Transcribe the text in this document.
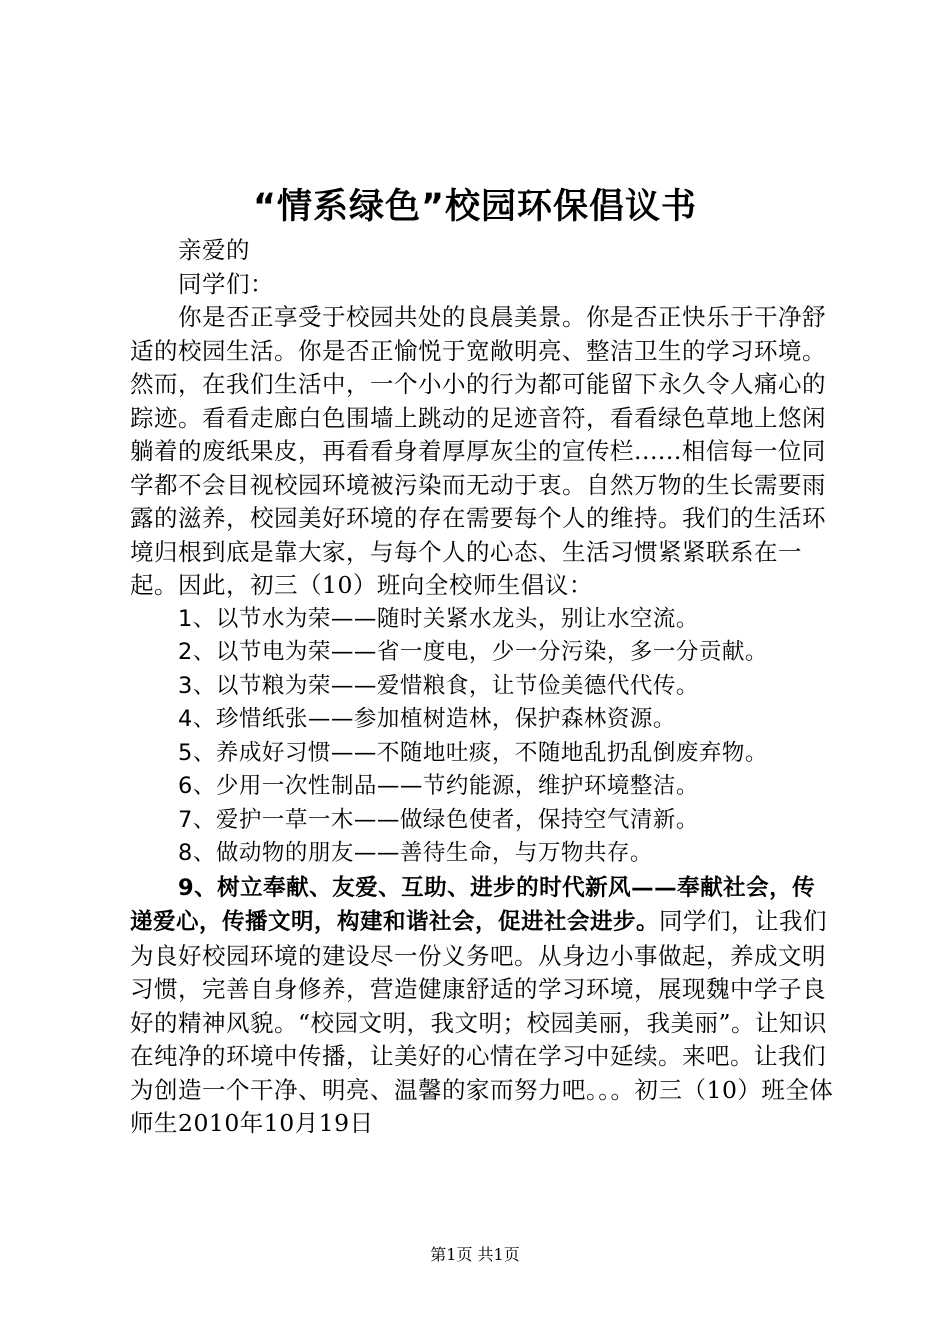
“情系绿色”校园环保倡议书

亲爱的

同学们：

你是否正享受于校园共处的良晨美景。你是否正快乐于干净舒适的校园生活。你是否正愉悦于宽敞明亮、整洁卫生的学习环境。然而，在我们生活中，一个小小的行为都可能留下永久令人痛心的踪迹。看看走廊白色围墙上跳动的足迹音符，看看绿色草地上悠闲躺着的废纸果皮，再看看身着厚厚灰尘的宣传栏......相信每一位同学都不会目视校园环境被污染而无动于衷。自然万物的生长需要雨露的滋养，校园美好环境的存在需要每个人的维持。我们的生活环境归根到底是靠大家，与每个人的心态、生活习惯紧紧联系在一起。因此，初三（10）班向全校师生倡议：

1、以节水为荣——随时关紧水龙头，别让水空流。

2、以节电为荣——省一度电，少一分污染，多一分贡献。

3、以节粮为荣——爱惜粮食，让节俭美德代代传。

4、珍惜纸张——参加植树造林，保护森林资源。

5、养成好习惯——不随地吐痰，不随地乱扔乱倒废弃物。

6、少用一次性制品——节约能源，维护环境整洁。

7、爱护一草一木——做绿色使者，保持空气清新。

8、做动物的朋友——善待生命，与万物共存。

9、树立奉献、友爱、互助、进步的时代新风——奉献社会，传递爱心，传播文明，构建和谐社会，促进社会进步。同学们，让我们为良好校园环境的建设尽一份义务吧。从身边小事做起，养成文明习惯，完善自身修养，营造健康舒适的学习环境，展现魏中学子良好的精神风貌。“校园文明，我文明；校园美丽，我美丽”。让知识在纯净的环境中传播，让美好的心情在学习中延续。来吧。让我们为创造一个干净、明亮、温馨的家而努力吧。。。初三（10）班全体师生2010年10月19日

第1页 共1页
